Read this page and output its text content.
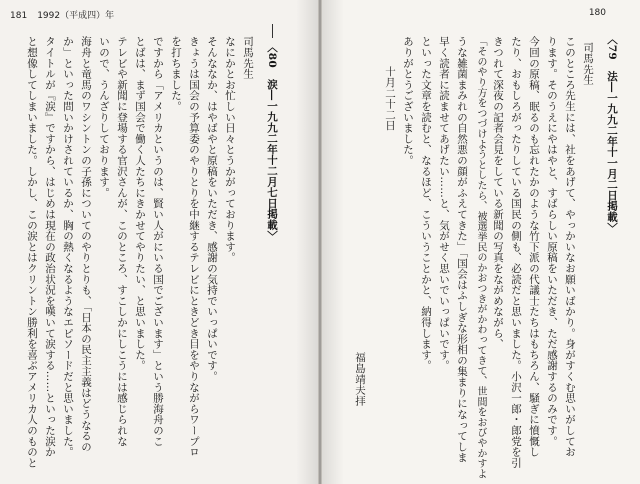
181 1992（平成四）年
〈80　涙―一九九二年十二月七日掲載〉
司馬先生
なにかとお忙しい日々とうかがっております。
そんななか、はやばやと原稿をいただき、感謝の気持でいっぱいです。
きょうは国会の予算委のやりとりを中継するテレビにときどき目をやりながらワープロ
を打ちました。
ですから「アメリカというのは、賢い人がにいる国でございます」という勝海舟のこ
とばは、まず国会で働く人たちにきかせてやりたい、と思いました。
テレビや新聞に登場する官沢さんが、このところ、すこしかにしこうには感じられな
いので、うんざりしております。
海舟と竜馬のワシントンの子孫についてのやりとりも、「日本の民主主義はどうなるの
か」といった問いかけされているか、胸の熱くなるようなエピソードだと思いました。
タイトルが『涙』ですから、はじめは現在の政治状況を嘆いて涙する……といった涙か
と想像してしまいました。しかし、この涙とはクリントン勝利を喜ぶアメリカ人のものと
180
〈79　法―一九九二年十一月二日掲載〉
司馬先生
このところ先生には、社をあげて、やっかいなお願いばかり。身がすくむ思いがしてお
ります。そのうえにやはやと、すばらしい原稿をいただき、ただ感謝するのみです。
今回の原稿、眠るのも忘れたかのような竹下派の代議士たちはもちろん、騒ぎに憤慨し
たり、おもしろがったりしている国民の側も、必読だと思いました。小沢一郎・郎党を引
きつれて深夜の記者会見をしている新聞の写真をながめながら、
「そのやり方をつづけようとしたら、被選挙民のかおつきがかわってきて、世間をおびやかすよ
うな雑菌まみれの自然悪の顔がふえてきた」「国会はふしぎな形相の集まりになってしま
早く読者に読ませてあげたい……と、気がせく思いでいっぱいです。
といった文章を読むと、なるほど、こういうことかと、納得します。
ありがとうございました。
十月二十二日
福島靖夫拝
